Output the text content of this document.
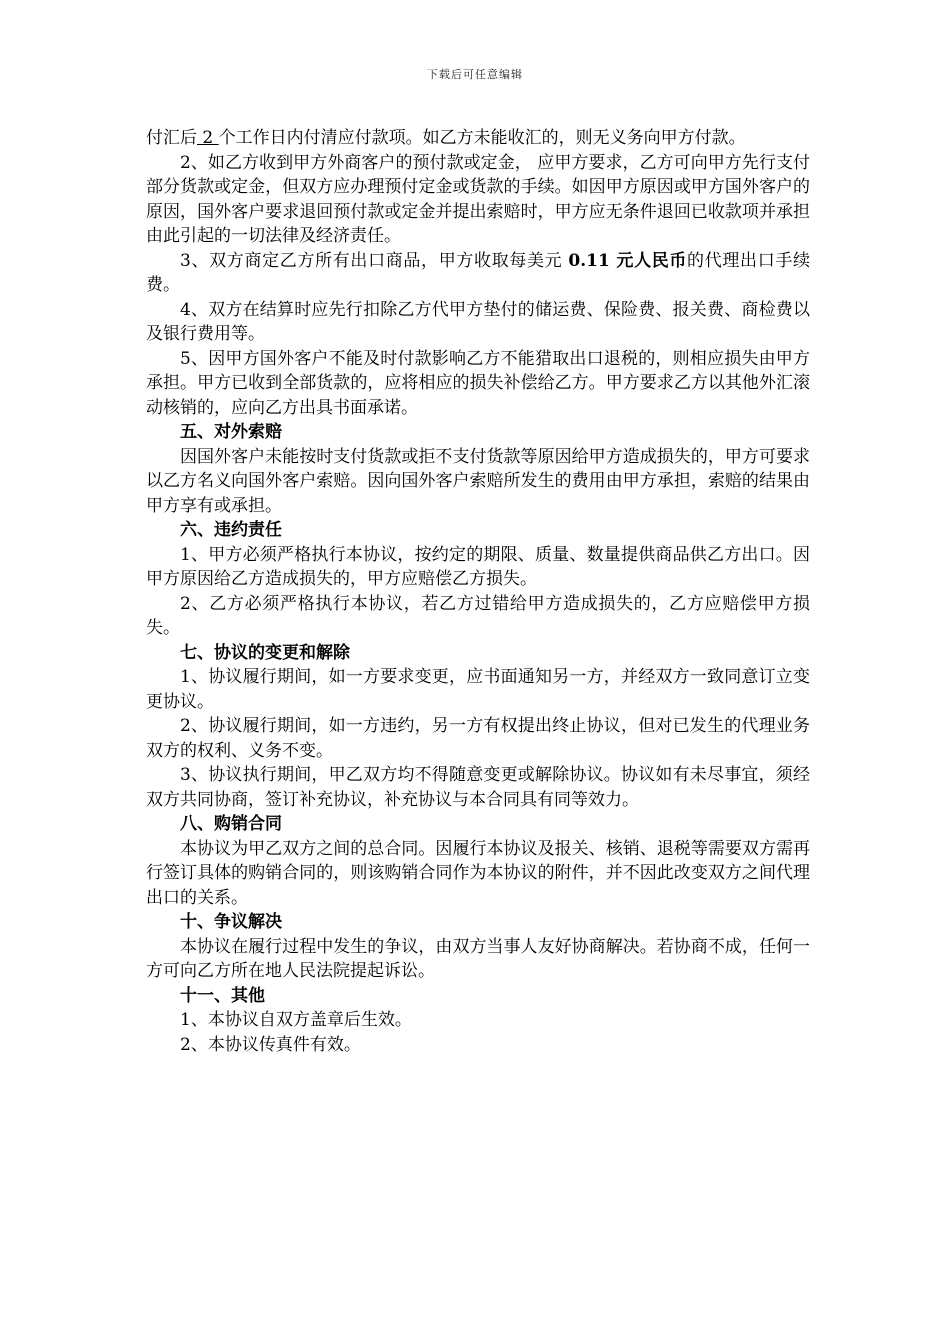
下载后可任意编辑

付汇后 2 个工作日内付清应付款项。如乙方未能收汇的，则无义务向甲方付款。

2、如乙方收到甲方外商客户的预付款或定金， 应甲方要求，乙方可向甲方先行支付部分货款或定金，但双方应办理预付定金或货款的手续。如因甲方原因或甲方国外客户的原因，国外客户要求退回预付款或定金并提出索赔时，甲方应无条件退回已收款项并承担由此引起的一切法律及经济责任。

3、双方商定乙方所有出口商品，甲方收取每美元 0.11 元人民币的代理出口手续费。

4、双方在结算时应先行扣除乙方代甲方垫付的储运费、保险费、报关费、商检费以及银行费用等。

5、因甲方国外客户不能及时付款影响乙方不能猎取出口退税的，则相应损失由甲方承担。甲方已收到全部货款的，应将相应的损失补偿给乙方。甲方要求乙方以其他外汇滚动核销的，应向乙方出具书面承诺。

五、对外索赔

因国外客户未能按时支付货款或拒不支付货款等原因给甲方造成损失的，甲方可要求以乙方名义向国外客户索赔。因向国外客户索赔所发生的费用由甲方承担，索赔的结果由甲方享有或承担。

六、违约责任

1、甲方必须严格执行本协议，按约定的期限、质量、数量提供商品供乙方出口。因甲方原因给乙方造成损失的，甲方应赔偿乙方损失。

2、乙方必须严格执行本协议，若乙方过错给甲方造成损失的，乙方应赔偿甲方损失。

七、协议的变更和解除

1、协议履行期间，如一方要求变更，应书面通知另一方，并经双方一致同意订立变更协议。

2、协议履行期间，如一方违约，另一方有权提出终止协议，但对已发生的代理业务双方的权利、义务不变。

3、协议执行期间，甲乙双方均不得随意变更或解除协议。协议如有未尽事宜，须经双方共同协商，签订补充协议，补充协议与本合同具有同等效力。

八、购销合同

本协议为甲乙双方之间的总合同。因履行本协议及报关、核销、退税等需要双方需再行签订具体的购销合同的，则该购销合同作为本协议的附件，并不因此改变双方之间代理出口的关系。

十、争议解决

本协议在履行过程中发生的争议，由双方当事人友好协商解决。若协商不成，任何一方可向乙方所在地人民法院提起诉讼。

十一、其他

1、本协议自双方盖章后生效。

2、本协议传真件有效。
